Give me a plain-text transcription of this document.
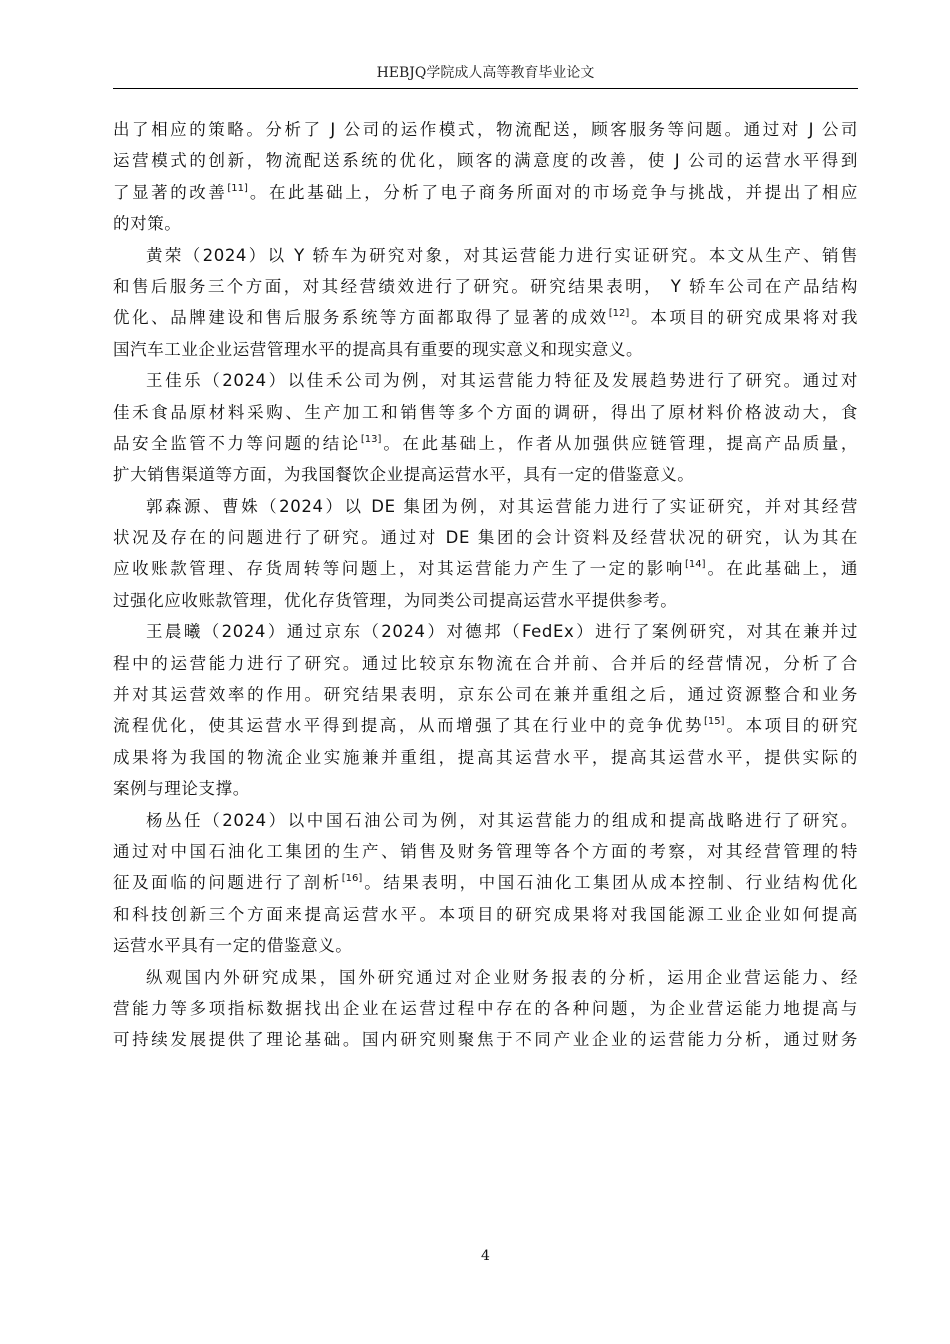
HEBJQ学院成人高等教育毕业论文
出了相应的策略。分析了 J 公司的运作模式，物流配送，顾客服务等问题。通过对 J 公司
运营模式的创新，物流配送系统的优化，顾客的满意度的改善，使 J 公司的运营水平得到
了显著的改善[11]。在此基础上，分析了电子商务所面对的市场竞争与挑战，并提出了相应
的对策。
黄荣（2024）以 Y 轿车为研究对象，对其运营能力进行实证研究。本文从生产、销售
和售后服务三个方面，对其经营绩效进行了研究。研究结果表明， Y 轿车公司在产品结构
优化、品牌建设和售后服务系统等方面都取得了显著的成效[12]。本项目的研究成果将对我
国汽车工业企业运营管理水平的提高具有重要的现实意义和现实意义。
王佳乐（2024）以佳禾公司为例，对其运营能力特征及发展趋势进行了研究。通过对
佳禾食品原材料采购、生产加工和销售等多个方面的调研，得出了原材料价格波动大，食
品安全监管不力等问题的结论[13]。在此基础上，作者从加强供应链管理，提高产品质量，
扩大销售渠道等方面，为我国餐饮企业提高运营水平，具有一定的借鉴意义。
郭森源、曹姝（2024）以 DE 集团为例，对其运营能力进行了实证研究，并对其经营
状况及存在的问题进行了研究。通过对 DE 集团的会计资料及经营状况的研究，认为其在
应收账款管理、存货周转等问题上，对其运营能力产生了一定的影响[14]。在此基础上，通
过强化应收账款管理，优化存货管理，为同类公司提高运营水平提供参考。
王晨曦（2024）通过京东（2024）对德邦（FedEx）进行了案例研究，对其在兼并过
程中的运营能力进行了研究。通过比较京东物流在合并前、合并后的经营情况，分析了合
并对其运营效率的作用。研究结果表明，京东公司在兼并重组之后，通过资源整合和业务
流程优化，使其运营水平得到提高，从而增强了其在行业中的竞争优势[15]。本项目的研究
成果将为我国的物流企业实施兼并重组，提高其运营水平，提高其运营水平，提供实际的
案例与理论支撑。
杨丛任（2024）以中国石油公司为例，对其运营能力的组成和提高战略进行了研究。
通过对中国石油化工集团的生产、销售及财务管理等各个方面的考察，对其经营管理的特
征及面临的问题进行了剖析[16]。结果表明，中国石油化工集团从成本控制、行业结构优化
和科技创新三个方面来提高运营水平。本项目的研究成果将对我国能源工业企业如何提高
运营水平具有一定的借鉴意义。
纵观国内外研究成果，国外研究通过对企业财务报表的分析，运用企业营运能力、经
营能力等多项指标数据找出企业在运营过程中存在的各种问题，为企业营运能力地提高与
可持续发展提供了理论基础。国内研究则聚焦于不同产业企业的运营能力分析，通过财务
4
